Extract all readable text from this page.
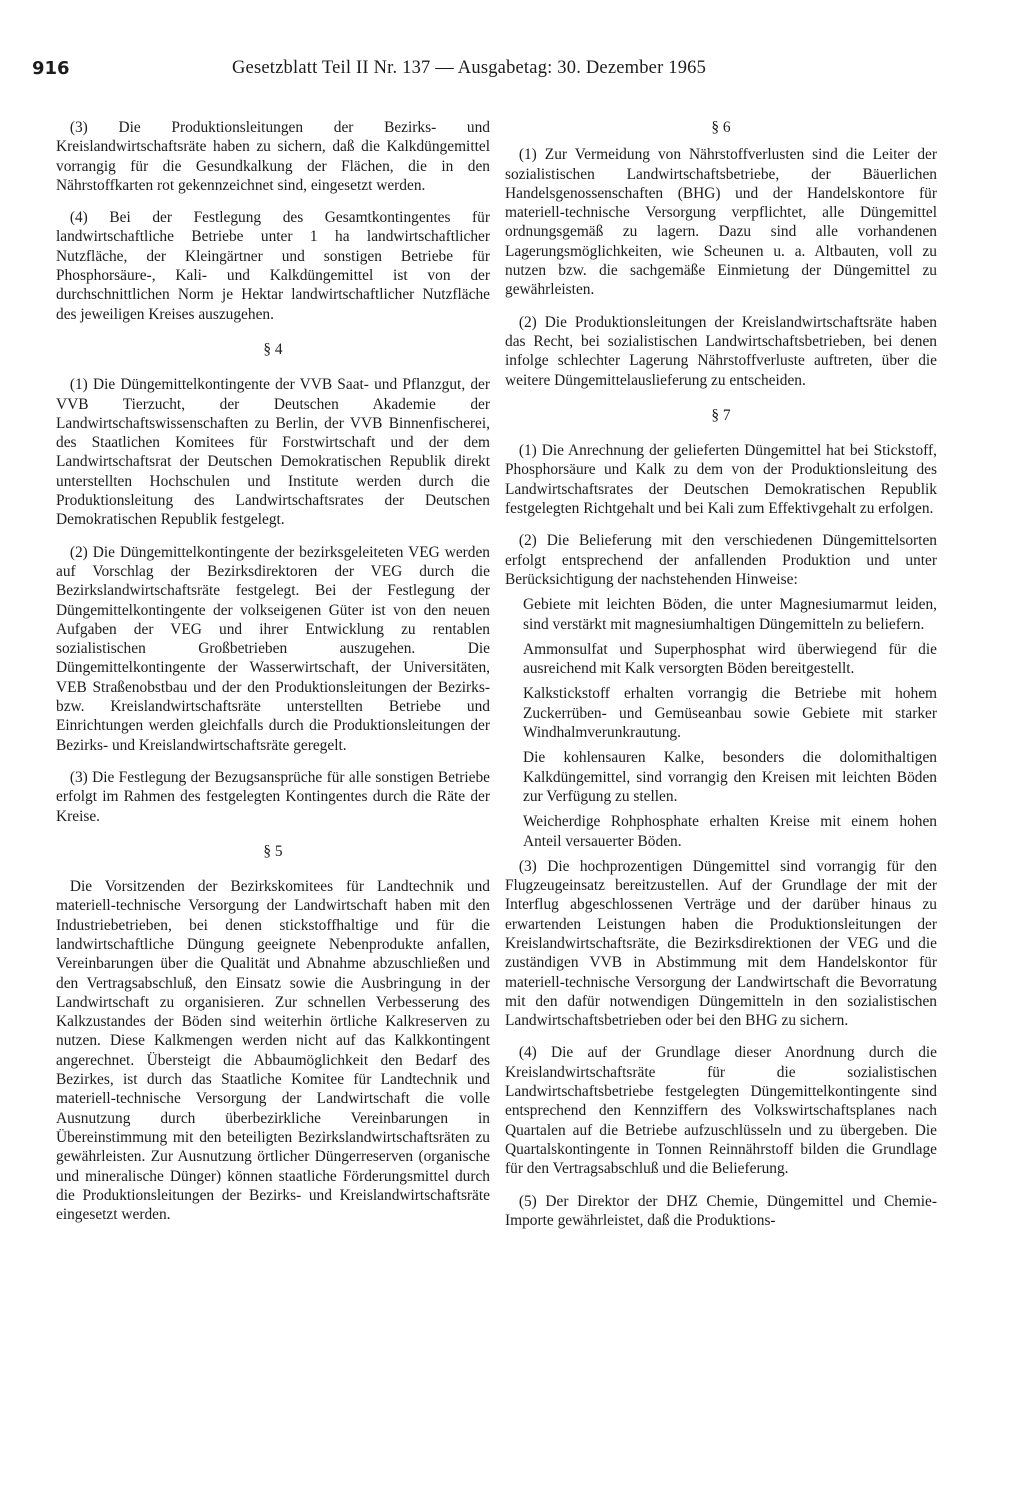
916	Gesetzblatt Teil II Nr. 137 — Ausgabetag: 30. Dezember 1965

(3) Die Produktionsleitungen der Bezirks- und Kreislandwirtschaftsräte haben zu sichern, daß die Kalkdüngemittel vorrangig für die Gesundkalkung der Flächen, die in den Nährstoffkarten rot gekennzeichnet sind, eingesetzt werden.

(4) Bei der Festlegung des Gesamtkontingentes für landwirtschaftliche Betriebe unter 1 ha landwirtschaftlicher Nutzfläche, der Kleingärtner und sonstigen Betriebe für Phosphorsäure-, Kali- und Kalkdüngemittel ist von der durchschnittlichen Norm je Hektar landwirtschaftlicher Nutzfläche des jeweiligen Kreises auszugehen.

§ 4

(1) Die Düngemittelkontingente der VVB Saat- und Pflanzgut, der VVB Tierzucht, der Deutschen Akademie der Landwirtschaftswissenschaften zu Berlin, der VVB Binnenfischerei, des Staatlichen Komitees für Forstwirtschaft und der dem Landwirtschaftsrat der Deutschen Demokratischen Republik direkt unterstellten Hochschulen und Institute werden durch die Produktionsleitung des Landwirtschaftsrates der Deutschen Demokratischen Republik festgelegt.

(2) Die Düngemittelkontingente der bezirksgeleiteten VEG werden auf Vorschlag der Bezirksdirektoren der VEG durch die Bezirkslandwirtschaftsräte festgelegt. Bei der Festlegung der Düngemittelkontingente der volkseigenen Güter ist von den neuen Aufgaben der VEG und ihrer Entwicklung zu rentablen sozialistischen Großbetrieben auszugehen. Die Düngemittelkontingente der Wasserwirtschaft, der Universitäten, VEB Straßenobstbau und der den Produktionsleitungen der Bezirks- bzw. Kreislandwirtschaftsräte unterstellten Betriebe und Einrichtungen werden gleichfalls durch die Produktionsleitungen der Bezirks- und Kreislandwirtschaftsräte geregelt.

(3) Die Festlegung der Bezugsansprüche für alle sonstigen Betriebe erfolgt im Rahmen des festgelegten Kontingentes durch die Räte der Kreise.

§ 5

Die Vorsitzenden der Bezirkskomitees für Landtechnik und materiell-technische Versorgung der Landwirtschaft haben mit den Industriebetrieben, bei denen stickstoffhaltige und für die landwirtschaftliche Düngung geeignete Nebenprodukte anfallen, Vereinbarungen über die Qualität und Abnahme abzuschließen und den Vertragsabschluß, den Einsatz sowie die Ausbringung in der Landwirtschaft zu organisieren. Zur schnellen Verbesserung des Kalkzustandes der Böden sind weiterhin örtliche Kalkreserven zu nutzen. Diese Kalkmengen werden nicht auf das Kalkkontingent angerechnet. Übersteigt die Abbaumöglichkeit den Bedarf des Bezirkes, ist durch das Staatliche Komitee für Landtechnik und materiell-technische Versorgung der Landwirtschaft die volle Ausnutzung durch überbezirkliche Vereinbarungen in Übereinstimmung mit den beteiligten Bezirkslandwirtschaftsräten zu gewährleisten. Zur Ausnutzung örtlicher Düngerreserven (organische und mineralische Dünger) können staatliche Förderungsmittel durch die Produktionsleitungen der Bezirks- und Kreislandwirtschaftsräte eingesetzt werden.

§ 6

(1) Zur Vermeidung von Nährstoffverlusten sind die Leiter der sozialistischen Landwirtschaftsbetriebe, der Bäuerlichen Handelsgenossenschaften (BHG) und der Handelskontore für materiell-technische Versorgung verpflichtet, alle Düngemittel ordnungsgemäß zu lagern. Dazu sind alle vorhandenen Lagerungsmöglichkeiten, wie Scheunen u. a. Altbauten, voll zu nutzen bzw. die sachgemäße Einmietung der Düngemittel zu gewährleisten.

(2) Die Produktionsleitungen der Kreislandwirtschaftsräte haben das Recht, bei sozialistischen Landwirtschaftsbetrieben, bei denen infolge schlechter Lagerung Nährstoffverluste auftreten, über die weitere Düngemittelauslieferung zu entscheiden.

§ 7

(1) Die Anrechnung der gelieferten Düngemittel hat bei Stickstoff, Phosphorsäure und Kalk zu dem von der Produktionsleitung des Landwirtschaftsrates der Deutschen Demokratischen Republik festgelegten Richtgehalt und bei Kali zum Effektivgehalt zu erfolgen.

(2) Die Belieferung mit den verschiedenen Düngemittelsorten erfolgt entsprechend der anfallenden Produktion und unter Berücksichtigung der nachstehenden Hinweise:

Gebiete mit leichten Böden, die unter Magnesiumarmut leiden, sind verstärkt mit magnesiumhaltigen Düngemitteln zu beliefern.

Ammonsulfat und Superphosphat wird überwiegend für die ausreichend mit Kalk versorgten Böden bereitgestellt.

Kalkstickstoff erhalten vorrangig die Betriebe mit hohem Zuckerrüben- und Gemüseanbau sowie Gebiete mit starker Windhalmverunkrautung.

Die kohlensauren Kalke, besonders die dolomithaltigen Kalkdüngemittel, sind vorrangig den Kreisen mit leichten Böden zur Verfügung zu stellen.

Weicherdige Rohphosphate erhalten Kreise mit einem hohen Anteil versauerter Böden.

(3) Die hochprozentigen Düngemittel sind vorrangig für den Flugzeugeinsatz bereitzustellen. Auf der Grundlage der mit der Interflug abgeschlossenen Verträge und der darüber hinaus zu erwartenden Leistungen haben die Produktionsleitungen der Kreislandwirtschaftsräte, die Bezirksdirektionen der VEG und die zuständigen VVB in Abstimmung mit dem Handelskontor für materiell-technische Versorgung der Landwirtschaft die Bevorratung mit den dafür notwendigen Düngemitteln in den sozialistischen Landwirtschaftsbetrieben oder bei den BHG zu sichern.

(4) Die auf der Grundlage dieser Anordnung durch die Kreislandwirtschaftsräte für die sozialistischen Landwirtschaftsbetriebe festgelegten Düngemittelkontingente sind entsprechend den Kennziffern des Volkswirtschaftsplanes nach Quartalen auf die Betriebe aufzuschlüsseln und zu übergeben. Die Quartalskontingente in Tonnen Reinnährstoff bilden die Grundlage für den Vertragsabschluß und die Belieferung.

(5) Der Direktor der DHZ Chemie, Düngemittel und Chemie-Importe gewährleistet, daß die Produktions-
